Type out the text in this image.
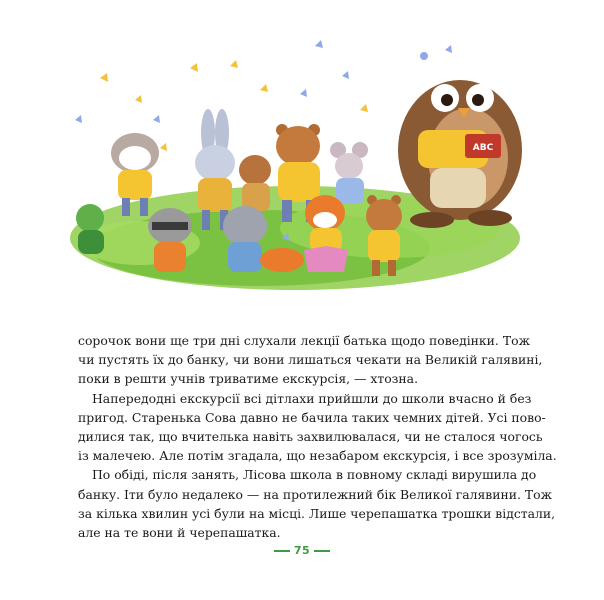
ABC
сорочок вони ще три дні слухали лекції батька щодо поведінки. Тож
чи пустять їх до банку, чи вони лишаться чекати на Великій галявині,
поки в решти учнів триватиме екскурсія, — хтозна.
Напередодні екскурсії всі дітлахи прийшли до школи вчасно й без
пригод. Старенька Сова давно не бачила таких чемних дітей. Усі пово-
дилися так, що вчителька навіть захвилювалася, чи не сталося чогось
із малечею. Але потім згадала, що незабаром екскурсія, і все зрозуміла.
По обіді, після занять, Лісова школа в повному складі вирушила до
банку. Іти було недалеко — на протилежний бік Великої галявини. Тож
за кілька хвилин усі були на місці. Лише черепашатка трошки відстали,
але на те вони й черепашатка.
75
